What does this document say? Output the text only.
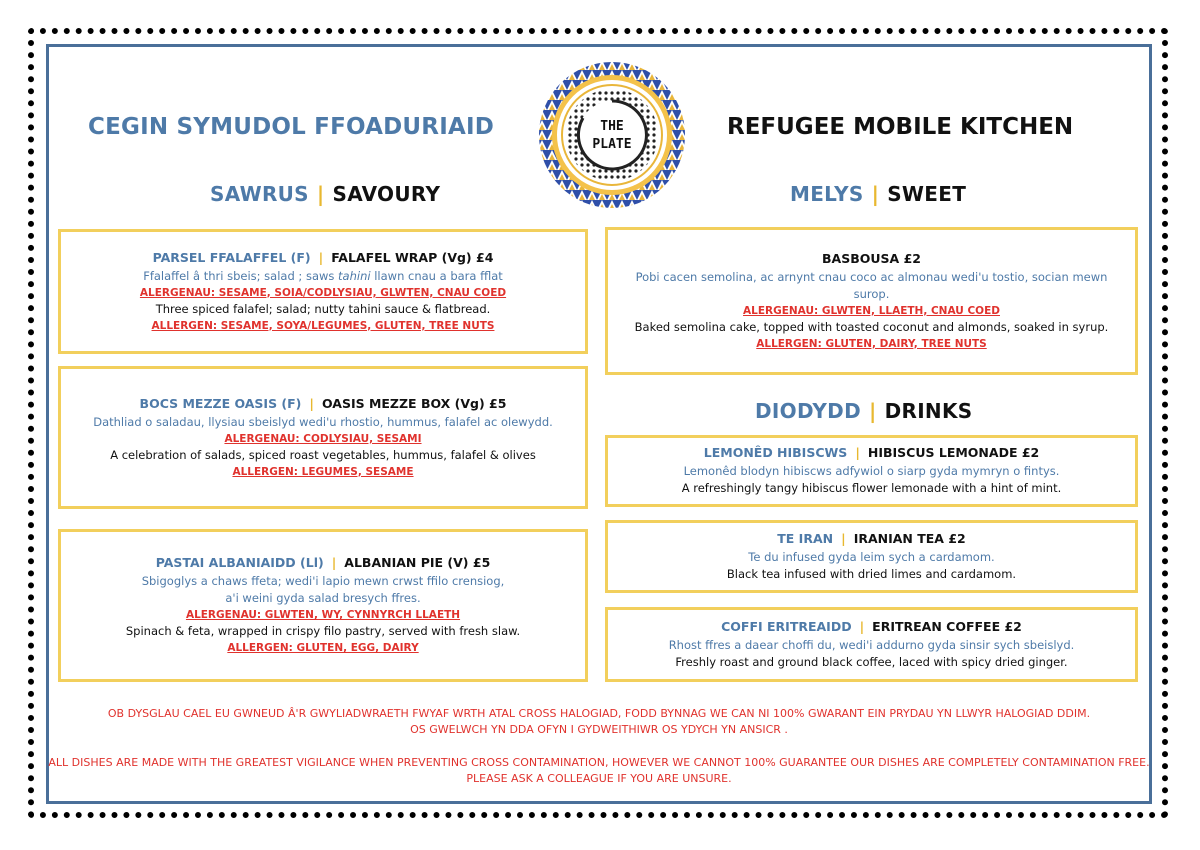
CEGIN SYMUDOL FFOADURIAID	REFUGEE MOBILE KITCHEN
THE
PLATE
SAWRUS | SAVOURY	MELYS | SWEET
DIODYDD | DRINKS
PARSEL FFALAFFEL (F) | FALAFEL WRAP (Vg) £4
Ffalaffel â thri sbeis; salad ; saws tahini llawn cnau a bara fflat
ALERGENAU: SESAME, SOIA/CODLYSIAU, GLWTEN, CNAU COED
Three spiced falafel; salad; nutty tahini sauce & flatbread.
ALLERGEN: SESAME, SOYA/LEGUMES, GLUTEN, TREE NUTS
BOCS MEZZE OASIS (F) | OASIS MEZZE BOX (Vg) £5
Dathliad o saladau, llysiau sbeislyd wedi'u rhostio, hummus, falafel ac olewydd.
ALERGENAU: CODLYSIAU, SESAMI
A celebration of salads, spiced roast vegetables, hummus, falafel & olives
ALLERGEN: LEGUMES, SESAME
PASTAI ALBANIAIDD (Ll) | ALBANIAN PIE (V) £5
Sbigoglys a chaws ffeta; wedi'i lapio mewn crwst ffilo crensiog,
a'i weini gyda salad bresych ffres.
ALERGENAU: GLWTEN, WY, CYNNYRCH LLAETH
Spinach & feta, wrapped in crispy filo pastry, served with fresh slaw.
ALLERGEN: GLUTEN, EGG, DAIRY
BASBOUSA £2
Pobi cacen semolina, ac arnynt cnau coco ac almonau wedi'u tostio, socian mewn surop.
ALERGENAU: GLWTEN, LLAETH, CNAU COED
Baked semolina cake, topped with toasted coconut and almonds, soaked in syrup.
ALLERGEN: GLUTEN, DAIRY, TREE NUTS
LEMONÊD HIBISCWS | HIBISCUS LEMONADE £2
Lemonêd blodyn hibiscws adfywiol o siarp gyda mymryn o fintys.
A refreshingly tangy hibiscus flower lemonade with a hint of mint.
TE IRAN | IRANIAN TEA £2
Te du infused gyda leim sych a cardamom.
Black tea infused with dried limes and cardamom.
COFFI ERITREAIDD | ERITREAN COFFEE £2
Rhost ffres a daear choffi du, wedi'i addurno gyda sinsir sych sbeislyd.
Freshly roast and ground black coffee, laced with spicy dried ginger.
OB DYSGLAU CAEL EU GWNEUD Â'R GWYLIADWRAETH FWYAF WRTH ATAL CROSS HALOGIAD, FODD BYNNAG WE CAN NI 100% GWARANT EIN PRYDAU YN LLWYR HALOGIAD DDIM.
OS GWELWCH YN DDA OFYN I GYDWEITHIWR OS YDYCH YN ANSICR .
ALL DISHES ARE MADE WITH THE GREATEST VIGILANCE WHEN PREVENTING CROSS CONTAMINATION, HOWEVER WE CANNOT 100% GUARANTEE OUR DISHES ARE COMPLETELY CONTAMINATION FREE.
PLEASE ASK A COLLEAGUE IF YOU ARE UNSURE.
